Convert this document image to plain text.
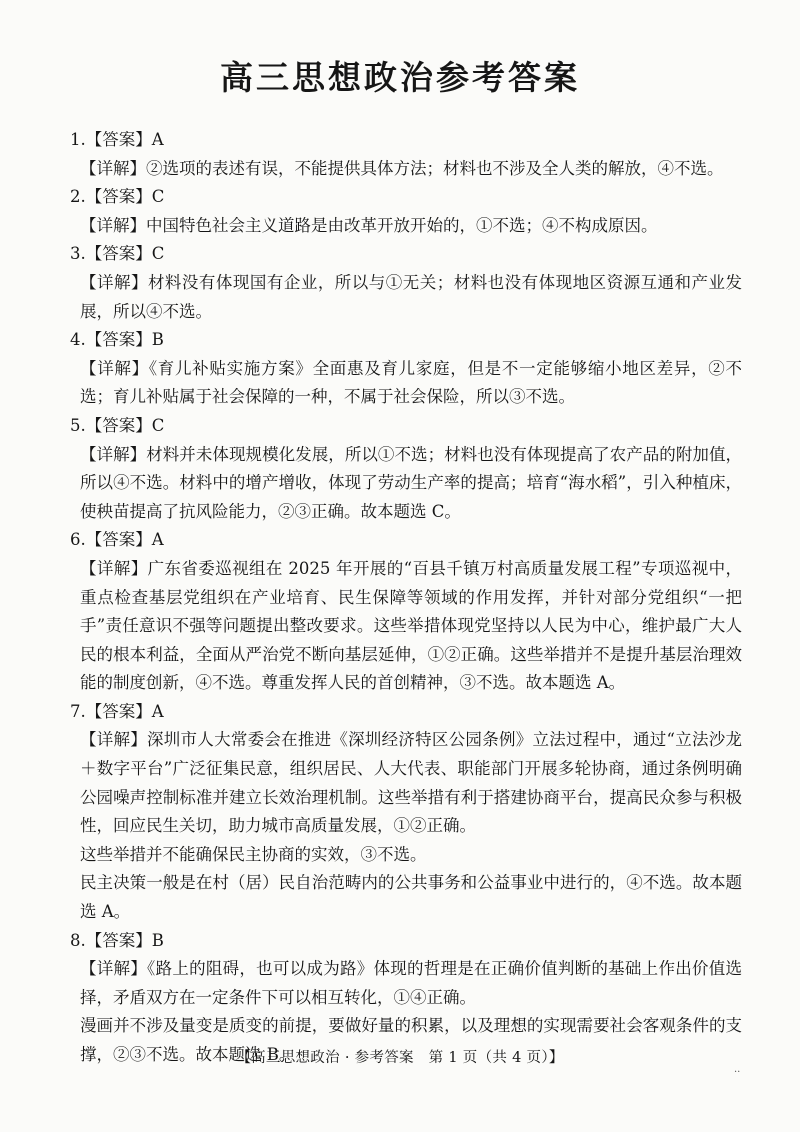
高三思想政治参考答案

1.【答案】A

【详解】②选项的表述有误，不能提供具体方法；材料也不涉及全人类的解放，④不选。

2.【答案】C

【详解】中国特色社会主义道路是由改革开放开始的，①不选；④不构成原因。

3.【答案】C

【详解】材料没有体现国有企业，所以与①无关；材料也没有体现地区资源互通和产业发展，所以④不选。

4.【答案】B

【详解】《育儿补贴实施方案》全面惠及育儿家庭，但是不一定能够缩小地区差异，②不选；育儿补贴属于社会保障的一种，不属于社会保险，所以③不选。

5.【答案】C

【详解】材料并未体现规模化发展，所以①不选；材料也没有体现提高了农产品的附加值，所以④不选。材料中的增产增收，体现了劳动生产率的提高；培育“海水稻”，引入种植床，使秧苗提高了抗风险能力，②③正确。故本题选 C。

6.【答案】A

【详解】广东省委巡视组在 2025 年开展的“百县千镇万村高质量发展工程”专项巡视中，重点检查基层党组织在产业培育、民生保障等领域的作用发挥，并针对部分党组织“一把手”责任意识不强等问题提出整改要求。这些举措体现党坚持以人民为中心，维护最广大人民的根本利益，全面从严治党不断向基层延伸，①②正确。这些举措并不是提升基层治理效能的制度创新，④不选。尊重发挥人民的首创精神，③不选。故本题选 A。

7.【答案】A

【详解】深圳市人大常委会在推进《深圳经济特区公园条例》立法过程中，通过“立法沙龙＋数字平台”广泛征集民意，组织居民、人大代表、职能部门开展多轮协商，通过条例明确公园噪声控制标准并建立长效治理机制。这些举措有利于搭建协商平台，提高民众参与积极性，回应民生关切，助力城市高质量发展，①②正确。

这些举措并不能确保民主协商的实效，③不选。

民主决策一般是在村（居）民自治范畴内的公共事务和公益事业中进行的，④不选。故本题选 A。

8.【答案】B

【详解】《路上的阻碍，也可以成为路》体现的哲理是在正确价值判断的基础上作出价值选择，矛盾双方在一定条件下可以相互转化，①④正确。

漫画并不涉及量变是质变的前提，要做好量的积累，以及理想的实现需要社会客观条件的支撑，②③不选。故本题选 B。

【高三思想政治 · 参考答案　第 1 页（共 4 页）】
..
